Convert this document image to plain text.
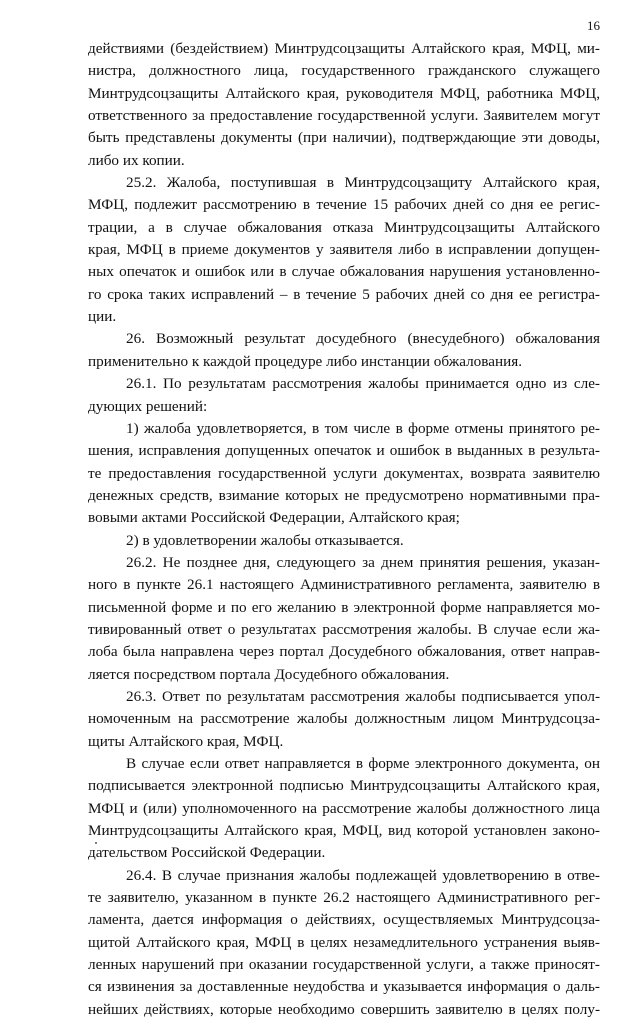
16
действиями (бездействием) Минтрудсоцзащиты Алтайского края, МФЦ, ми-
нистра, должностного лица, государственного гражданского служащего
Минтрудсоцзащиты Алтайского края, руководителя МФЦ, работника МФЦ,
ответственного за предоставление государственной услуги. Заявителем могут
быть представлены документы (при наличии), подтверждающие эти доводы,
либо их копии.
25.2. Жалоба, поступившая в Минтрудсоцзащиту Алтайского края,
МФЦ, подлежит рассмотрению в течение 15 рабочих дней со дня ее регис-
трации, а в случае обжалования отказа Минтрудсоцзащиты Алтайского
края, МФЦ в приеме документов у заявителя либо в исправлении допущен-
ных опечаток и ошибок или в случае обжалования нарушения установленно-
го срока таких исправлений – в течение 5 рабочих дней со дня ее регистра-
ции.
26. Возможный результат досудебного (внесудебного) обжалования
применительно к каждой процедуре либо инстанции обжалования.
26.1. По результатам рассмотрения жалобы принимается одно из сле-
дующих решений:
1) жалоба удовлетворяется, в том числе в форме отмены принятого ре-
шения, исправления допущенных опечаток и ошибок в выданных в результа-
те предоставления государственной услуги документах, возврата заявителю
денежных средств, взимание которых не предусмотрено нормативными пра-
вовыми актами Российской Федерации, Алтайского края;
2) в удовлетворении жалобы отказывается.
26.2. Не позднее дня, следующего за днем принятия решения, указан-
ного в пункте 26.1 настоящего Административного регламента, заявителю в
письменной форме и по его желанию в электронной форме направляется мо-
тивированный ответ о результатах рассмотрения жалобы. В случае если жа-
лоба была направлена через портал Досудебного обжалования, ответ направ-
ляется посредством портала Досудебного обжалования.
26.3. Ответ по результатам рассмотрения жалобы подписывается упол-
номоченным на рассмотрение жалобы должностным лицом Минтрудсоцза-
щиты Алтайского края, МФЦ.
В случае если ответ направляется в форме электронного документа, он
подписывается электронной подписью Минтрудсоцзащиты Алтайского края,
МФЦ и (или) уполномоченного на рассмотрение жалобы должностного лица
Минтрудсоцзащиты Алтайского края, МФЦ, вид которой установлен законо-
дательством Российской Федерации.
26.4. В случае признания жалобы подлежащей удовлетворению в отве-
те заявителю, указанном в пункте 26.2 настоящего Административного рег-
ламента, дается информация о действиях, осуществляемых Минтрудсоцза-
щитой Алтайского края, МФЦ в целях незамедлительного устранения выяв-
ленных нарушений при оказании государственной услуги, а также приносят-
ся извинения за доставленные неудобства и указывается информация о даль-
нейших действиях, которые необходимо совершить заявителю в целях полу-
